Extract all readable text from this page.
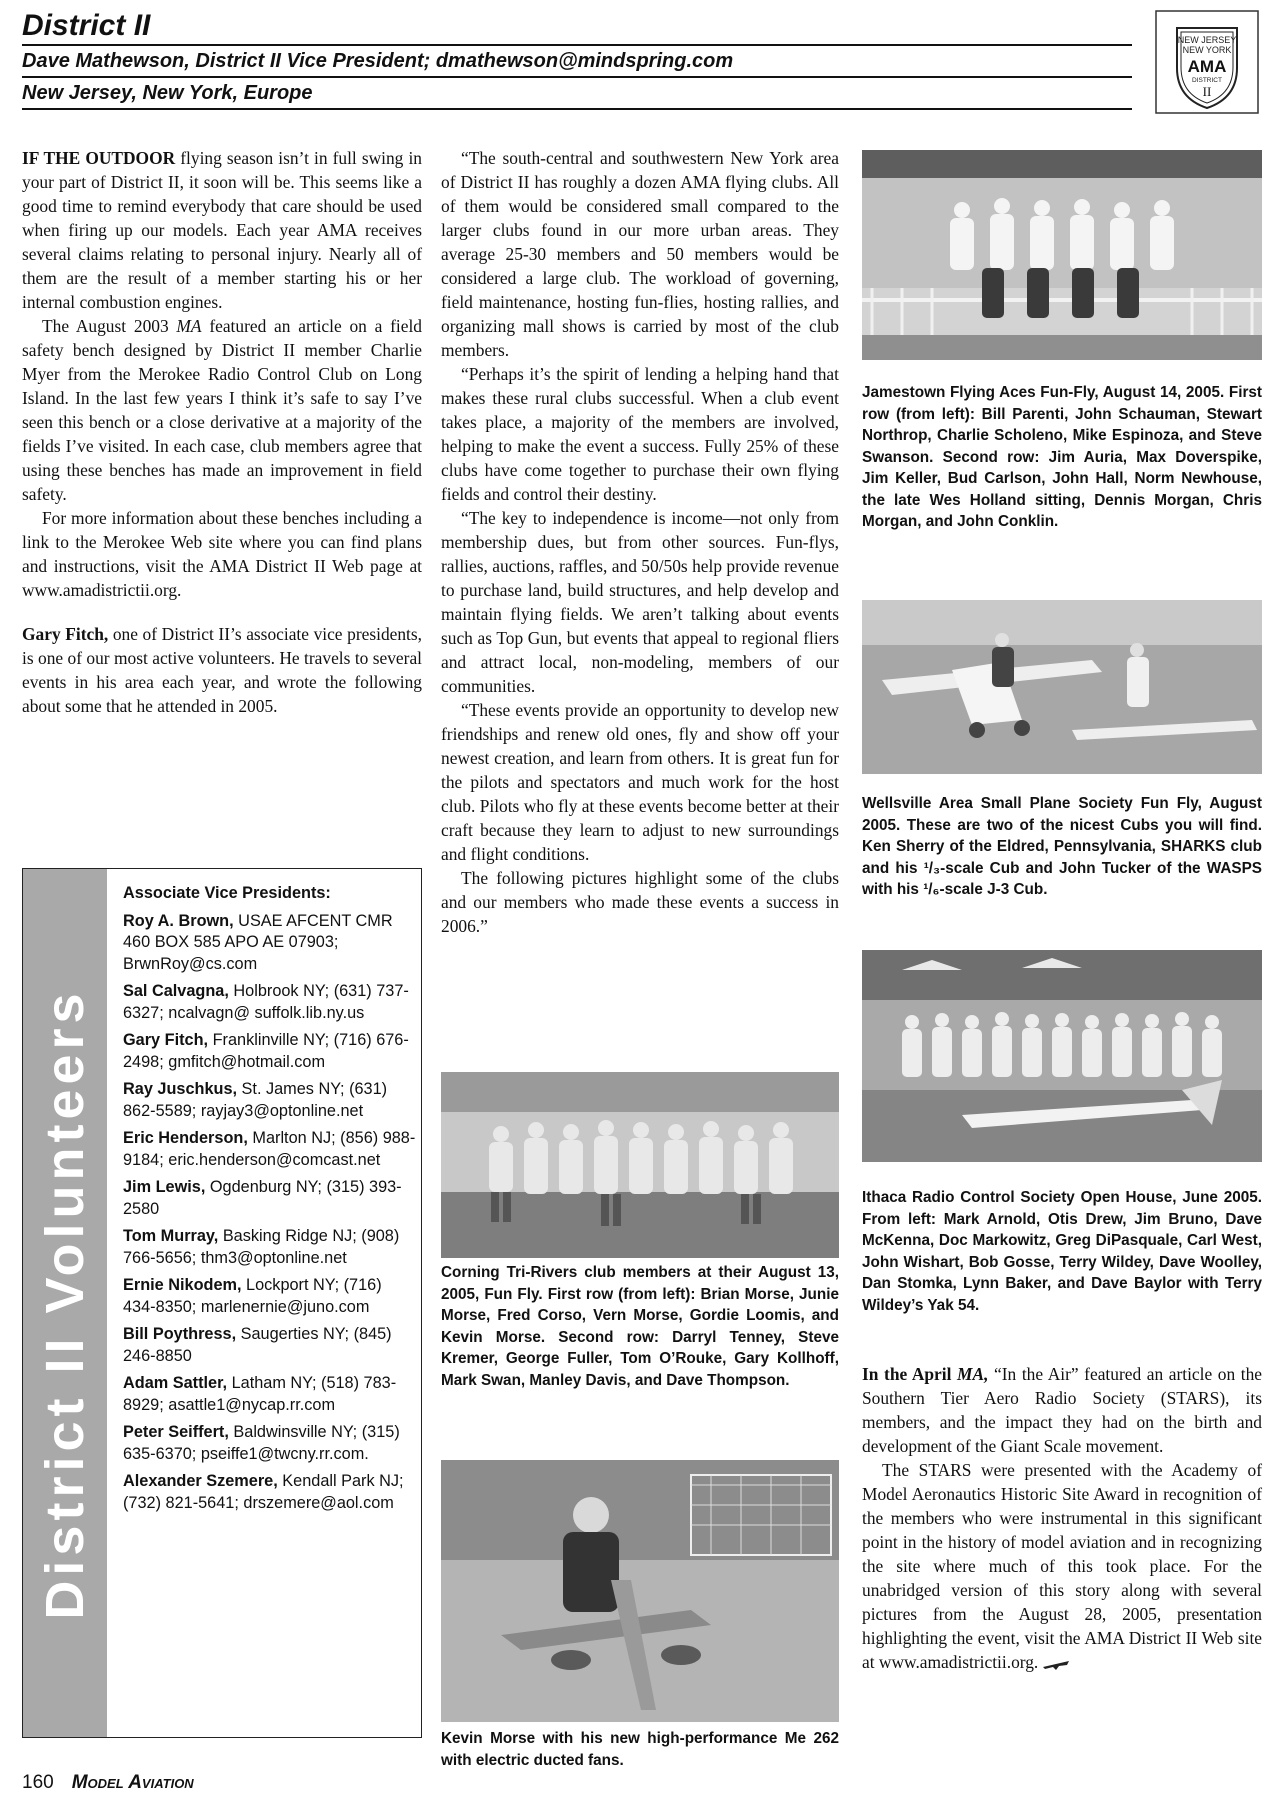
District II
Dave Mathewson, District II Vice President; dmathewson@mindspring.com
New Jersey, New York, Europe
NEW JERSEY
NEW YORK
AMA
DISTRICT
II

IF THE OUTDOOR flying season isn’t in full swing in your part of District II, it soon will be. This seems like a good time to remind everybody that care should be used when firing up our models. Each year AMA receives several claims relating to personal injury. Nearly all of them are the result of a member starting his or her internal combustion engines.

The August 2003 MA featured an article on a field safety bench designed by District II member Charlie Myer from the Merokee Radio Control Club on Long Island. In the last few years I think it’s safe to say I’ve seen this bench or a close derivative at a majority of the fields I’ve visited. In each case, club members agree that using these benches has made an improvement in field safety.

For more information about these benches including a link to the Merokee Web site where you can find plans and instructions, visit the AMA District II Web page at www.amadistrictii.org.

Gary Fitch, one of District II’s associate vice presidents, is one of our most active volunteers. He travels to several events in his area each year, and wrote the following about some that he attended in 2005.

District II Volunteers
Associate Vice Presidents:
Roy A. Brown, USAE AFCENT CMR 460 BOX 585 APO AE 07903; BrwnRoy@cs.com
Sal Calvagna, Holbrook NY; (631) 737-6327; ncalvagn@ suffolk.lib.ny.us
Gary Fitch, Franklinville NY; (716) 676-2498; gmfitch@hotmail.com
Ray Juschkus, St. James NY; (631) 862-5589; rayjay3@optonline.net
Eric Henderson, Marlton NJ; (856) 988-9184; eric.henderson@comcast.net
Jim Lewis, Ogdenburg NY; (315) 393-2580
Tom Murray, Basking Ridge NJ; (908) 766-5656; thm3@optonline.net
Ernie Nikodem, Lockport NY; (716) 434-8350; marlenernie@juno.com
Bill Poythress, Saugerties NY; (845) 246-8850
Adam Sattler, Latham NY; (518) 783-8929; asattle1@nycap.rr.com
Peter Seiffert, Baldwinsville NY; (315) 635-6370; pseiffe1@twcny.rr.com.
Alexander Szemere, Kendall Park NJ; (732) 821-5641; drszemere@aol.com

“The south-central and southwestern New York area of District II has roughly a dozen AMA flying clubs. All of them would be considered small compared to the larger clubs found in our more urban areas. They average 25-30 members and 50 members would be considered a large club. The workload of governing, field maintenance, hosting fun-flies, hosting rallies, and organizing mall shows is carried by most of the club members.

“Perhaps it’s the spirit of lending a helping hand that makes these rural clubs successful. When a club event takes place, a majority of the members are involved, helping to make the event a success. Fully 25% of these clubs have come together to purchase their own flying fields and control their destiny.

“The key to independence is income—not only from membership dues, but from other sources. Fun-flys, rallies, auctions, raffles, and 50/50s help provide revenue to purchase land, build structures, and help develop and maintain flying fields. We aren’t talking about events such as Top Gun, but events that appeal to regional fliers and attract local, non-modeling, members of our communities.

“These events provide an opportunity to develop new friendships and renew old ones, fly and show off your newest creation, and learn from others. It is great fun for the pilots and spectators and much work for the host club. Pilots who fly at these events become better at their craft because they learn to adjust to new surroundings and flight conditions.

The following pictures highlight some of the clubs and our members who made these events a success in 2006.”

Corning Tri-Rivers club members at their August 13, 2005, Fun Fly. First row (from left): Brian Morse, Junie Morse, Fred Corso, Vern Morse, Gordie Loomis, and Kevin Morse. Second row: Darryl Tenney, Steve Kremer, George Fuller, Tom O’Rouke, Gary Kollhoff, Mark Swan, Manley Davis, and Dave Thompson.
Kevin Morse with his new high-performance Me 262 with electric ducted fans.
Jamestown Flying Aces Fun-Fly, August 14, 2005. First row (from left): Bill Parenti, John Schauman, Stewart Northrop, Charlie Scholeno, Mike Espinoza, and Steve Swanson. Second row: Jim Auria, Max Doverspike, Jim Keller, Bud Carlson, John Hall, Norm Newhouse, the late Wes Holland sitting, Dennis Morgan, Chris Morgan, and John Conklin.
Wellsville Area Small Plane Society Fun Fly, August 2005. These are two of the nicest Cubs you will find. Ken Sherry of the Eldred, Pennsylvania, SHARKS club and his ¹/₃-scale Cub and John Tucker of the WASPS with his ¹/₆-scale J-3 Cub.
Ithaca Radio Control Society Open House, June 2005. From left: Mark Arnold, Otis Drew, Jim Bruno, Dave McKenna, Doc Markowitz, Greg DiPasquale, Carl West, John Wishart, Bob Gosse, Terry Wildey, Dave Woolley, Dan Stomka, Lynn Baker, and Dave Baylor with Terry Wildey’s Yak 54.

In the April MA, “In the Air” featured an article on the Southern Tier Aero Radio Society (STARS), its members, and the impact they had on the birth and development of the Giant Scale movement.

The STARS were presented with the Academy of Model Aeronautics Historic Site Award in recognition of the members who were instrumental in this significant point in the history of model aviation and in recognizing the site where much of this took place. For the unabridged version of this story along with several pictures from the August 28, 2005, presentation highlighting the event, visit the AMA District II Web site at www.amadistrictii.org.

160 Model Aviation
